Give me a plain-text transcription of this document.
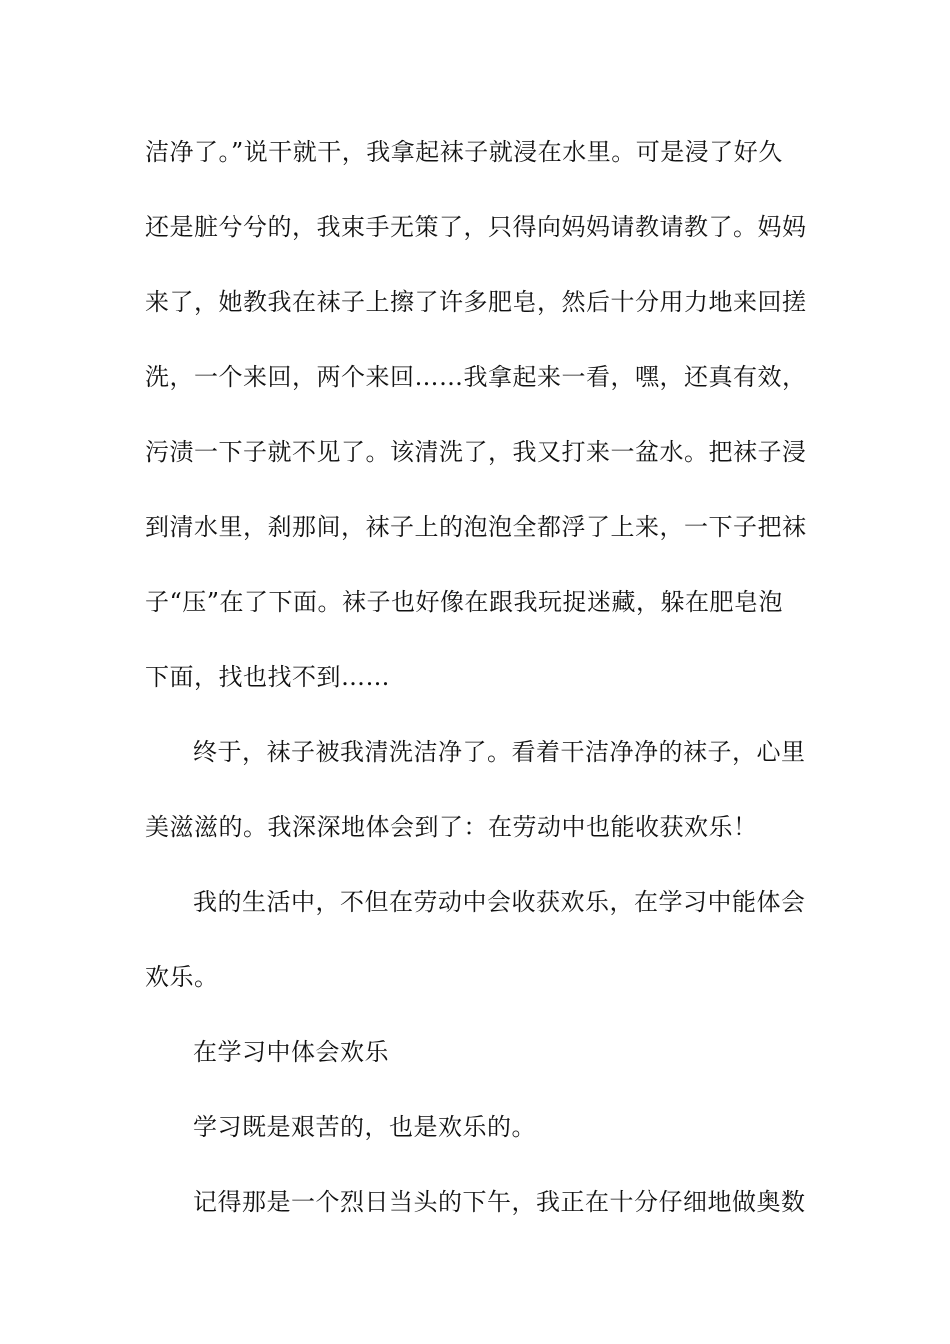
洁净了。”说干就干，我拿起袜子就浸在水里。可是浸了好久
还是脏兮兮的，我束手无策了，只得向妈妈请教请教了。妈妈
来了，她教我在袜子上擦了许多肥皂，然后十分用力地来回搓
洗，一个来回，两个来回……我拿起来一看，嘿，还真有效，
污渍一下子就不见了。该清洗了，我又打来一盆水。把袜子浸
到清水里，刹那间，袜子上的泡泡全都浮了上来，一下子把袜
子“压”在了下面。袜子也好像在跟我玩捉迷藏，躲在肥皂泡
下面，找也找不到……
终于，袜子被我清洗洁净了。看着干洁净净的袜子，心里
美滋滋的。我深深地体会到了：在劳动中也能收获欢乐！
我的生活中，不但在劳动中会收获欢乐，在学习中能体会
欢乐。
在学习中体会欢乐
学习既是艰苦的，也是欢乐的。
记得那是一个烈日当头的下午，我正在十分仔细地做奥数
